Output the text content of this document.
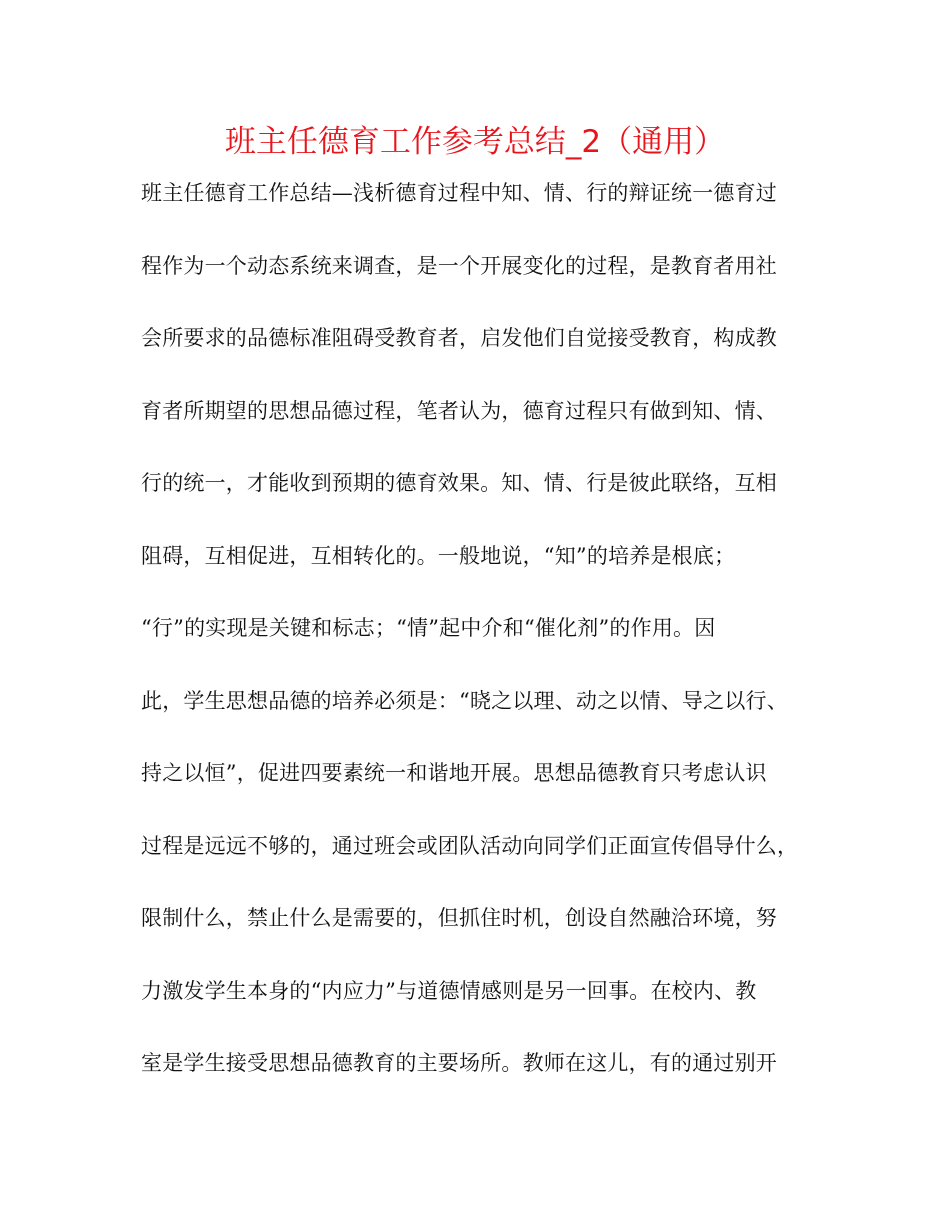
班主任德育工作参考总结_2（通用）
班主任德育工作总结—浅析德育过程中知、情、行的辩证统一德育过
程作为一个动态系统来调查，是一个开展变化的过程，是教育者用社
会所要求的品德标准阻碍受教育者，启发他们自觉接受教育，构成教
育者所期望的思想品德过程，笔者认为，德育过程只有做到知、情、
行的统一，才能收到预期的德育效果。知、情、行是彼此联络，互相
阻碍，互相促进，互相转化的。一般地说，“知”的培养是根底；
“行”的实现是关键和标志；“情”起中介和“催化剂”的作用。因
此，学生思想品德的培养必须是：“晓之以理、动之以情、导之以行、
持之以恒”，促进四要素统一和谐地开展。思想品德教育只考虑认识
过程是远远不够的，通过班会或团队活动向同学们正面宣传倡导什么，
限制什么，禁止什么是需要的，但抓住时机，创设自然融洽环境，努
力激发学生本身的“内应力”与道德情感则是另一回事。在校内、教
室是学生接受思想品德教育的主要场所。教师在这儿，有的通过别开
